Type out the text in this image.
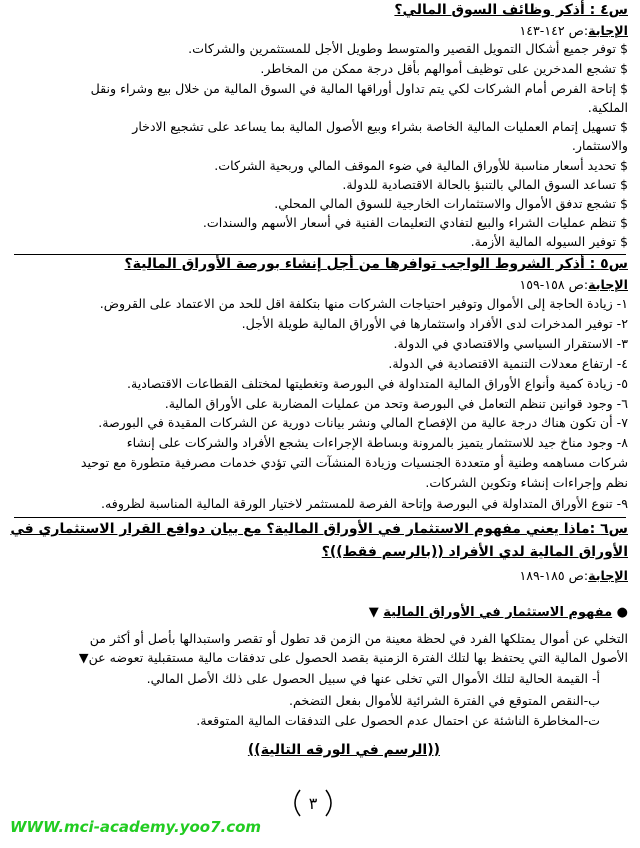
س٤ : أذكر وظائف السوق المالي؟
الإجابة:ص ١٤٢-١٤٣
$ توفر جميع أشكال التمويل القصير والمتوسط وطويل الأجل للمستثمرين والشركات.
$ تشجع المدخرين على توظيف أموالهم بأقل درجة ممكن من المخاطر.
$ إتاحة الفرص أمام الشركات لكي يتم تداول أوراقها المالية في السوق المالية من خلال بيع وشراء ونقل
الملكية.
$ تسهيل إتمام العمليات المالية الخاصة بشراء وبيع الأصول المالية بما يساعد على تشجيع الادخار
والاستثمار.
$ تحديد أسعار مناسبة للأوراق المالية في ضوء الموقف المالي وربحية الشركات.
$ تساعد السوق المالي بالتنبؤ بالحالة الاقتصادية للدولة.
$ تشجع تدفق الأموال والاستثمارات الخارجية للسوق المالي المحلي.
$ تنظم عمليات الشراء والبيع لتفادي التعليمات الفنية في أسعار الأسهم والسندات.
$ توفير السيوله المالية الأزمة.
س٥ : أذكر الشروط الواجب توافرها من أجل إنشاء بورصة الأوراق المالية؟
الإجابة:ص ١٥٨-١٥٩
١- زيادة الحاجة إلى الأموال وتوفير احتياجات الشركات منها بتكلفة اقل للحد من الاعتماد على القروض.
٢- توفير المدخرات لدى الأفراد واستثمارها في الأوراق المالية طويلة الأجل.
٣- الاستقرار السياسي والاقتصادي في الدولة.
٤- ارتفاع معدلات التنمية الاقتصادية في الدولة.
٥- زيادة كمية وأنواع الأوراق المالية المتداولة في البورصة وتغطيتها لمختلف القطاعات الاقتصادية.
٦- وجود قوانين تنظم التعامل في البورصة وتحد من عمليات المضاربة على الأوراق المالية.
٧- أن تكون هناك درجة عالية من الإفصاح المالي ونشر بيانات دورية عن الشركات المقيدة في البورصة.
٨- وجود مناخ جيد للاستثمار يتميز بالمرونة وبساطة الإجراءات يشجع الأفراد والشركات على إنشاء
شركات مساهمه وطنية أو متعددة الجنسيات وزيادة المنشآت التي تؤدي خدمات مصرفية متطورة مع توحيد
نظم وإجراءات إنشاء وتكوين الشركات.
٩- تنوع الأوراق المتداولة في البورصة وإتاحة الفرصة للمستثمر لاختيار الورقة المالية المناسبة لظروفه.
س٦ :ماذا يعني مفهوم الاستثمار في الأوراق المالية؟ مع بيان دوافع القرار الاستثماري في
الأوراق المالية لدي الأفراد ((بالرسم فقط))؟
الإجابة:ص ١٨٥-١٨٩
● مفهوم الاستثمار في الأوراق المالية ▼
التخلي عن أموال يمتلكها الفرد في لحظة معينة من الزمن قد تطول أو تقصر واستبدالها بأصل أو أكثر من
الأصول المالية التي يحتفظ بها لتلك الفترة الزمنية بقصد الحصول على تدفقات مالية مستقبلية تعوضه عن▼
أ- القيمة الحالية لتلك الأموال التي تخلى عنها في سبيل الحصول على ذلك الأصل المالي.
ب-النقص المتوقع في الفترة الشرائية للأموال بفعل التضخم.
ت-المخاطرة الناشئة عن احتمال عدم الحصول على التدفقات المالية المتوقعة.
((الرسم في الورقه التالية))
٣
WWW.mci-academy.yoo7.com
